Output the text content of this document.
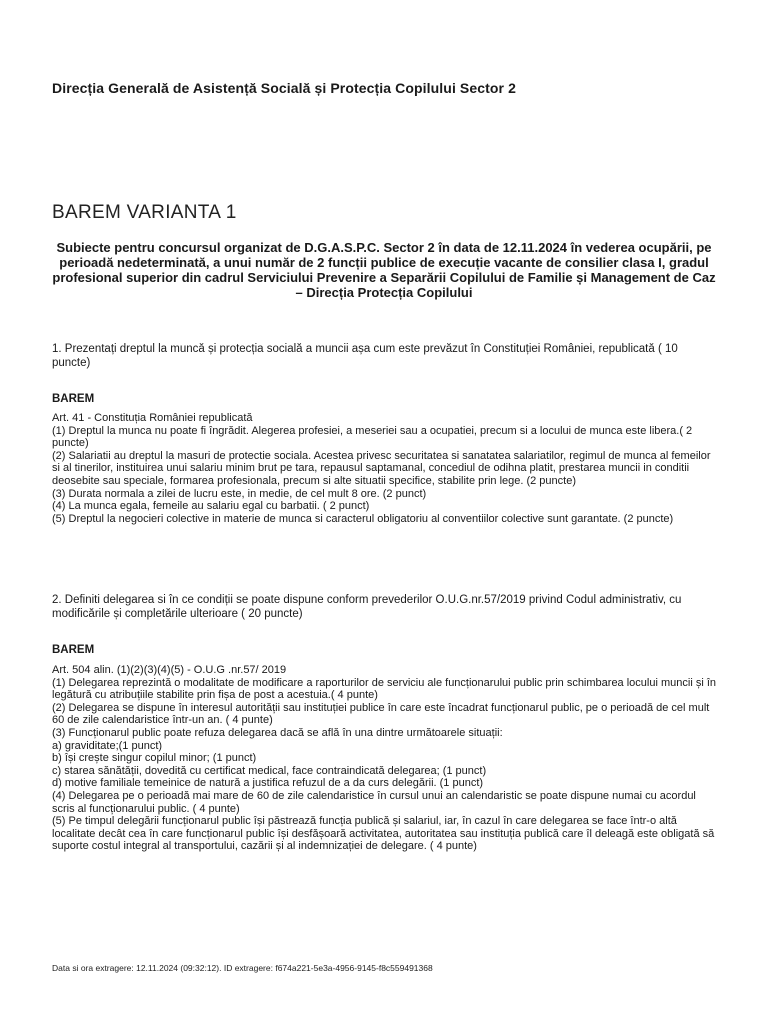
Direcția Generală de Asistență Socială și Protecția Copilului Sector 2
BAREM VARIANTA 1
Subiecte pentru concursul organizat de D.G.A.S.P.C. Sector 2 în data de 12.11.2024 în vederea ocupării, pe perioadă nedeterminată, a unui număr de 2 funcții publice de execuție vacante de consilier clasa I, gradul profesional superior din cadrul Serviciului Prevenire a Separării Copilului de Familie și Management de Caz – Direcția Protecția Copilului
1. Prezentați dreptul la muncă și protecția socială a muncii așa cum este prevăzut în Constituției României, republicată ( 10 puncte)
BAREM

Art. 41 - Constituția României republicată

(1) Dreptul la munca nu poate fi îngrădit. Alegerea profesiei, a meseriei sau a ocupatiei, precum si a locului de munca este libera.( 2 puncte)

(2) Salariatii au dreptul la masuri de protectie sociala. Acestea privesc securitatea si sanatatea salariatilor, regimul de munca al femeilor si al tinerilor, instituirea unui salariu minim brut pe tara, repausul saptamanal, concediul de odihna platit, prestarea muncii in conditii deosebite sau speciale, formarea profesionala, precum si alte situatii specifice, stabilite prin lege. (2 puncte)

(3) Durata normala a zilei de lucru este, in medie, de cel mult 8 ore. (2 punct)

(4) La munca egala, femeile au salariu egal cu barbatii. ( 2 punct)

(5) Dreptul la negocieri colective in materie de munca si caracterul obligatoriu al conventiilor colective sunt garantate. (2 puncte)

2. Definiti delegarea si în ce condiții se poate dispune conform prevederilor O.U.G.nr.57/2019 privind Codul administrativ, cu modificările și completările ulterioare ( 20 puncte)
BAREM

Art. 504 alin. (1)(2)(3)(4)(5) - O.U.G .nr.57/ 2019

(1) Delegarea reprezintă o modalitate de modificare a raporturilor de serviciu ale funcționarului public prin schimbarea locului muncii și în legătură cu atribuțiile stabilite prin fișa de post a acestuia.( 4 punte)

(2) Delegarea se dispune în interesul autorității sau instituției publice în care este încadrat funcționarul public, pe o perioadă de cel mult 60 de zile calendaristice într-un an. ( 4 punte)

(3) Funcționarul public poate refuza delegarea dacă se află în una dintre următoarele situații:

a) graviditate;(1 punct)

b) își crește singur copilul minor; (1 punct)

c) starea sănătății, dovedită cu certificat medical, face contraindicată delegarea; (1 punct)

d) motive familiale temeinice de natură a justifica refuzul de a da curs delegării. (1 punct)

(4) Delegarea pe o perioadă mai mare de 60 de zile calendaristice în cursul unui an calendaristic se poate dispune numai cu acordul scris al funcționarului public. ( 4 punte)

(5) Pe timpul delegării funcționarul public își păstrează funcția publică și salariul, iar, în cazul în care delegarea se face într-o altă localitate decât cea în care funcționarul public își desfășoară activitatea, autoritatea sau instituția publică care îl deleagă este obligată să suporte costul integral al transportului, cazării și al indemnizației de delegare. ( 4 punte)

Data si ora extragere: 12.11.2024 (09:32:12). ID extragere: f674a221-5e3a-4956-9145-f8c559491368
